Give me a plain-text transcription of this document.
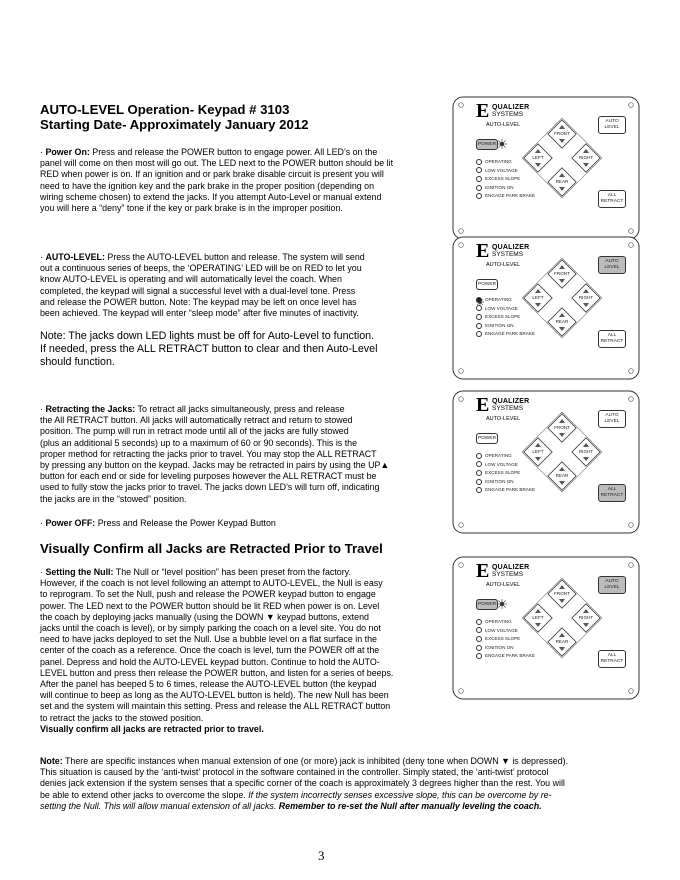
AUTO-LEVEL Operation- Keypad # 3103
Starting Date- Approximately January 2012
· Power On: Press and release the POWER button to engage power. All LED’s on the
panel will come on then most will go out. The LED next to the POWER button should be lit
RED when power is on. If an ignition and or park brake disable circuit is present you will
need to have the ignition key and the park brake in the proper position (depending on
wiring scheme chosen) to extend the jacks. If you attempt Auto-Level or manual extend
you will here a “deny” tone if the key or park brake is in the improper position.
· AUTO-LEVEL: Press the AUTO-LEVEL button and release. The system will send
out a continuous series of beeps, the ‘OPERATING’ LED will be on RED to let you
know AUTO-LEVEL is operating and will automatically level the coach. When
completed, the keypad will signal a successful level with a dual-level tone. Press
and release the POWER button. Note: The keypad may be left on once level has
been achieved. The keypad will enter “sleep mode” after five minutes of inactivity.
Note: The jacks down LED lights must be off for Auto-Level to function.
If needed, press the ALL RETRACT button to clear and then Auto-Level
should function.
· Retracting the Jacks: To retract all jacks simultaneously, press and release
the All RETRACT button. All jacks will automatically retract and return to stowed
position. The pump will run in retract mode until all of the jacks are fully stowed
(plus an additional 5 seconds) up to a maximum of 60 or 90 seconds). This is the
proper method for retracting the jacks prior to travel. You may stop the ALL RETRACT
by pressing any button on the keypad. Jacks may be retracted in pairs by using the UP▲
button for each end or side for leveling purposes however the ALL RETRACT must be
used to fully stow the jacks prior to travel. The jacks down LED’s will turn off, indicating
the jacks are in the “stowed” position.
· Power OFF: Press and Release the Power Keypad Button
Visually Confirm all Jacks are Retracted Prior to Travel
· Setting the Null: The Null or “level position” has been preset from the factory.
However, if the coach is not level following an attempt to AUTO-LEVEL, the Null is easy
to reprogram. To set the Null, push and release the POWER keypad button to engage
power. The LED next to the POWER button should be lit RED when power is on. Level
the coach by deploying jacks manually (using the DOWN ▼ keypad buttons, extend
jacks until the coach is level), or by simply parking the coach on a level site. You do not
need to have jacks deployed to set the Null. Use a bubble level on a flat surface in the
center of the coach as a reference. Once the coach is level, turn the POWER off at the
panel. Depress and hold the AUTO-LEVEL keypad button. Continue to hold the AUTO-
LEVEL button and press then release the POWER button, and listen for a series of beeps.
After the panel has beeped 5 to 6 times, release the AUTO-LEVEL button (the keypad
will continue to beep as long as the AUTO-LEVEL button is held). The new Null has been
set and the system will maintain this setting. Press and release the ALL RETRACT button
to retract the jacks to the stowed position.
Visually confirm all jacks are retracted prior to travel.
Note: There are specific instances when manual extension of one (or more) jack is inhibited (deny tone when DOWN ▼ is depressed).
This situation is caused by the ‘anti-twist’ protocol in the software contained in the controller. Simply stated, the ‘anti-twist’ protocol
denies jack extension if the system senses that a specific corner of the coach is approximately 3 degrees higher than the rest. You will
be able to extend other jacks to overcome the slope. If the system incorrectly senses excessive slope, this can be overcome by re-
setting the Null. This will allow manual extension of all jacks. Remember to re-set the Null after manually leveling the coach.
3
E QUALIZER
SYSTEMS
AUTO-LEVEL
POWER
FRONT
LEFT	RIGHT
REAR
AUTO
LEVEL
ALL
RETRACT
OPERATING
LOW VOLTAGE
EXCESS SLOPE
IGNITION ON
ENGAGE PARK BRAKE
E QUALIZER
SYSTEMS
AUTO-LEVEL
POWER
FRONT
LEFT	RIGHT
REAR
AUTO
LEVEL
ALL
RETRACT
OPERATING
LOW VOLTAGE
EXCESS SLOPE
IGNITION ON
ENGAGE PARK BRAKE
E QUALIZER
SYSTEMS
AUTO-LEVEL
POWER
FRONT
LEFT	RIGHT
REAR
AUTO
LEVEL
ALL
RETRACT
OPERATING
LOW VOLTAGE
EXCESS SLOPE
IGNITION ON
ENGAGE PARK BRAKE
E QUALIZER
SYSTEMS
AUTO-LEVEL
POWER
FRONT
LEFT	RIGHT
REAR
AUTO
LEVEL
ALL
RETRACT
OPERATING
LOW VOLTAGE
EXCESS SLOPE
IGNITION ON
ENGAGE PARK BRAKE
